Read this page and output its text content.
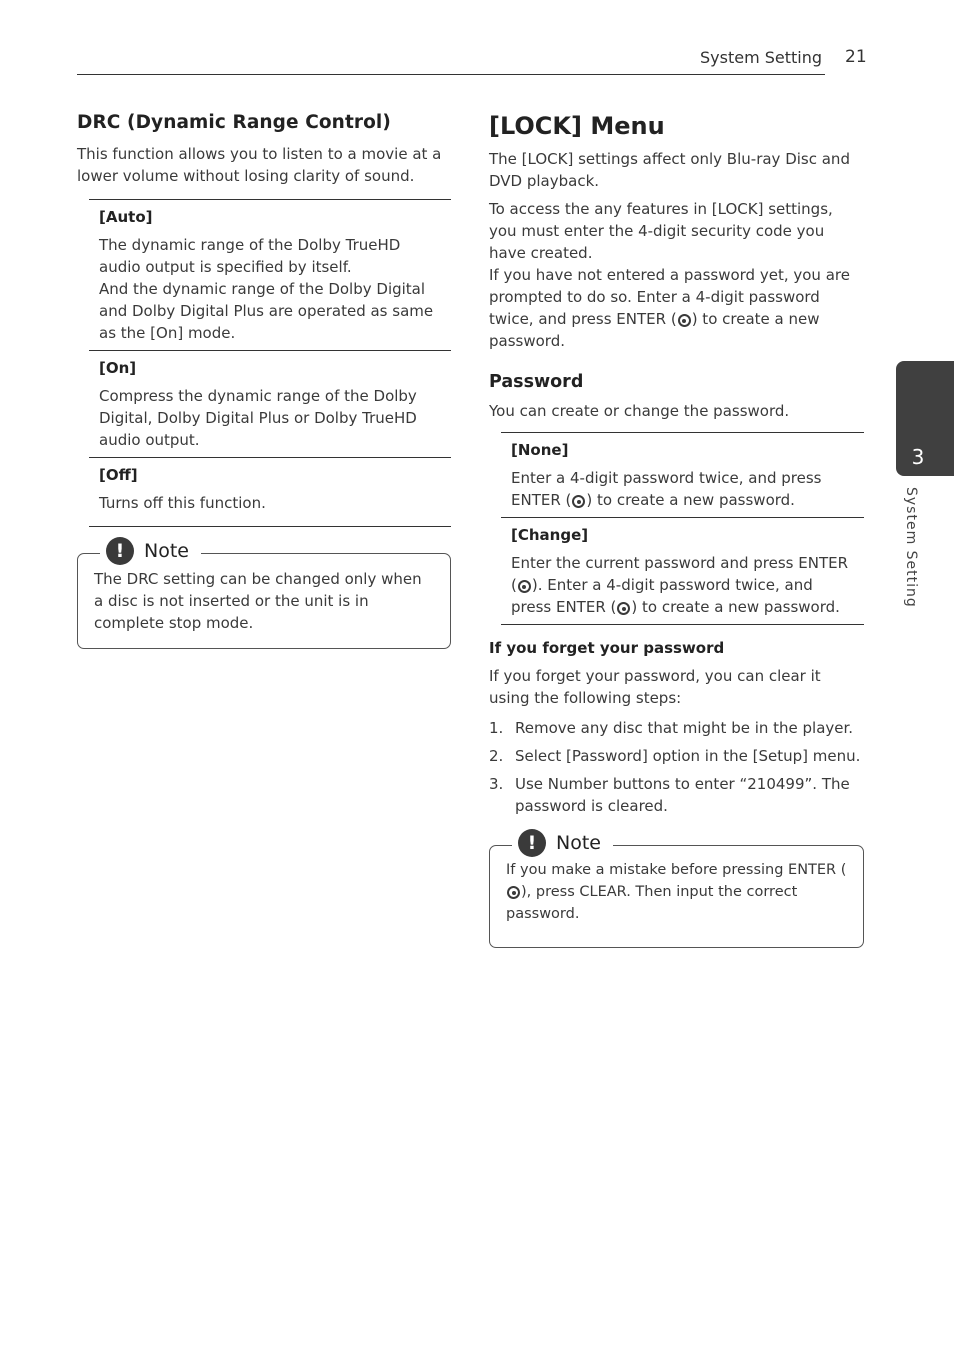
System Setting 21
3
System Setting
DRC (Dynamic Range Control)

This function allows you to listen to a movie at a lower volume without losing clarity of sound.

[Auto]
The dynamic range of the Dolby TrueHD audio output is specified by itself.
And the dynamic range of the Dolby Digital and Dolby Digital Plus are operated as same as the [On] mode.
[On]
Compress the dynamic range of the Dolby Digital, Dolby Digital Plus or Dolby TrueHD audio output.
[Off]
Turns off this function.
!	Note
The DRC setting can be changed only when a disc is not inserted or the unit is in complete stop mode.
[LOCK] Menu

The [LOCK] settings affect only Blu-ray Disc and DVD playback.

To access the any features in [LOCK] settings, you must enter the 4-digit security code you have created.

If you have not entered a password yet, you are prompted to do so. Enter a 4-digit password twice, and press ENTER ( ) to create a new password.

Password

You can create or change the password.

[None]
Enter a 4-digit password twice, and press ENTER ( ) to create a new password.
[Change]
Enter the current password and press ENTER ( ). Enter a 4-digit password twice, and press ENTER ( ) to create a new password.
If you forget your password

If you forget your password, you can clear it using the following steps:

1. Remove any disc that might be in the player.
2. Select [Password] option in the [Setup] menu.
3. Use Number buttons to enter “210499”. The password is cleared.
!	Note
If you make a mistake before pressing ENTER (), press CLEAR. Then input the correct password.
